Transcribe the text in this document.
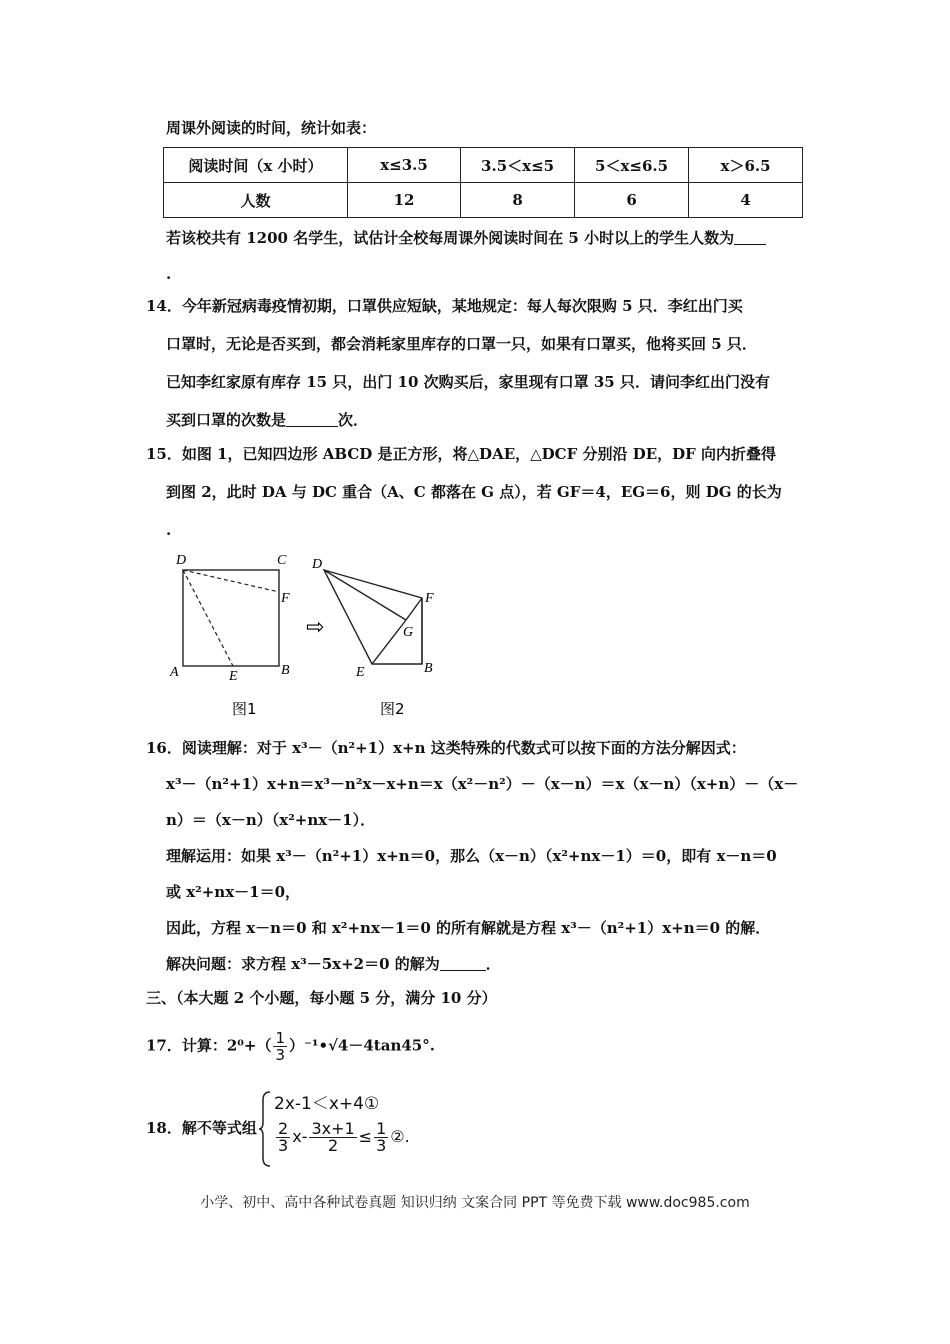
周课外阅读的时间，统计如表：
阅读时间（x 小时）	x≤3.5	3.5＜x≤5	5＜x≤6.5	x＞6.5
人数	12	8	6	4
若该校共有 1200 名学生，试估计全校每周课外阅读时间在 5 小时以上的学生人数为
.
14．今年新冠病毒疫情初期，口罩供应短缺，某地规定：每人每次限购 5 只．李红出门买
口罩时，无论是否买到，都会消耗家里库存的口罩一只，如果有口罩买，他将买回 5 只．
已知李红家原有库存 15 只，出门 10 次购买后，家里现有口罩 35 只．请问李红出门没有
买到口罩的次数是	次．
15．如图 1，已知四边形 ABCD 是正方形，将△DAE，△DCF 分别沿 DE，DF 向内折叠得
到图 2，此时 DA 与 DC 重合（A、C 都落在 G 点），若 GF＝4，EG＝6，则 DG 的长为
.
D	C
F
A	E	B
图1
⇨
D
F
G
E	B
图2
16．阅读理解：对于 x³－（n²+1）x+n 这类特殊的代数式可以按下面的方法分解因式：
x³－（n²+1）x+n＝x³－n²x－x+n＝x（x²－n²）－（x－n）＝x（x－n）（x+n）－（x－
n）＝（x－n）（x²+nx－1）．
理解运用：如果 x³－（n²+1）x+n＝0，那么（x－n）（x²+nx－1）＝0，即有 x－n＝0
或 x²+nx－1＝0，
因此，方程 x－n＝0 和 x²+nx－1＝0 的所有解就是方程 x³－（n²+1）x+n＝0 的解．
解决问题：求方程 x³－5x+2＝0 的解为	．
三、（本大题 2 个小题，每小题 5 分，满分 10 分）
17．计算：$2^0+( \frac{1}{3}$ ）⁻¹•√4－4tan45°.
18．解不等式组
2x-1＜x+4①
$\frac{2}{3} x- \frac{3x+1}{2} \le \frac{1}{3}$ ②.
小学、初中、高中各种试卷真题 知识归纳 文案合同 PPT 等免费下载 www.doc985.com
